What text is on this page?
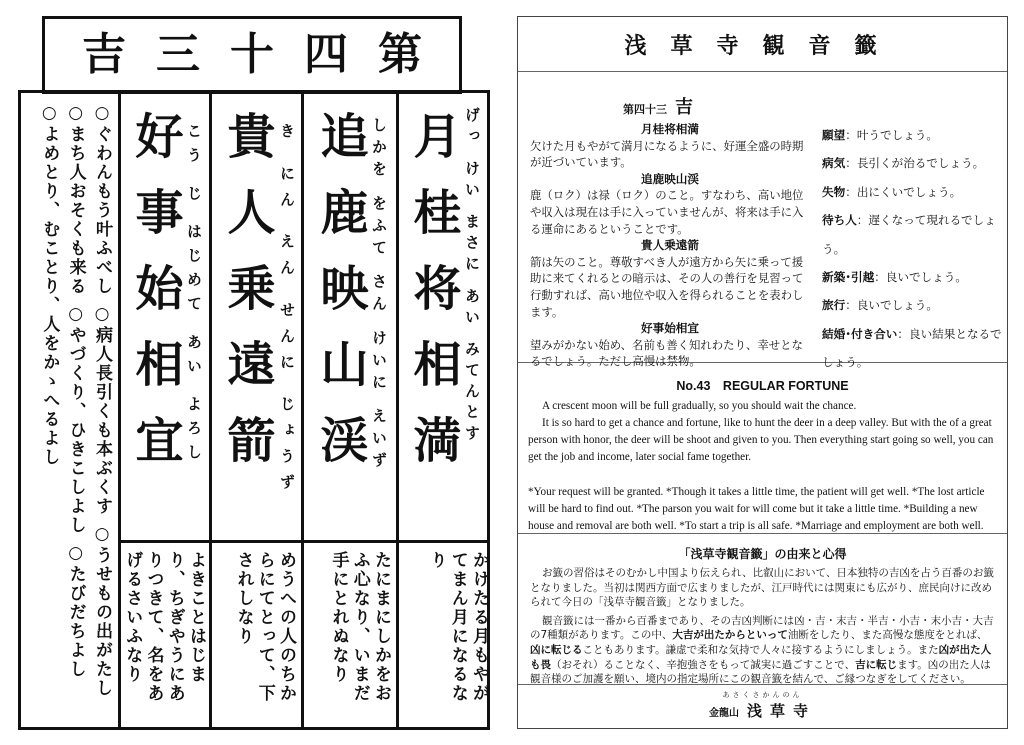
吉 三 十 四 第
月桂将相満 げっ けい まさに あい みてんとす
追鹿映山渓 しかを をふて さん けいに えいず
貴人乗遠箭 き にん えん せんに じょうず
好事始相宜 こう じ はじめて あい よろし
かけたる月もやがてまん月になるなり
たにまにしかをおふ心なり、いまだ手にとれぬなり
めうへの人のちからにてとって、下されしなり
よきことはじまり、ちぎやうにありつきて、名をあげるさいふなり
○ぐわんもう叶ふべし ○病人長引くも本ぶくす ○うせもの出がたし
○まち人おそくも来る ○やづくり、ひきこしよし ○たびだちよし
○よめとり、むことり、人をかゝへるよし
浅草寺観音籤
第四十三 吉
月桂将相満
欠けた月もやがて満月になるように、好運全盛の時期が近づいています。
追鹿映山渓
鹿（ロク）は禄（ロク）のこと。すなわち、高い地位や収入は現在は手に入っていませんが、将来は手に入る運命にあるということです。
貴人乗遠箭
箭は矢のこと。尊敬すべき人が遠方から矢に乗って援助に来てくれるとの暗示は、その人の善行を見習って行動すれば、高い地位や収入を得られることを表わします。
好事始相宜
望みがかない始め、名前も善く知れわたり、幸せとなるでしょう。ただし高慢は禁物。
願望：叶うでしょう。
病気：長引くが治るでしょう。
失物：出にくいでしょう。
待ち人：遅くなって現れるでしょう。
新築･引越：良いでしょう。
旅行：良いでしょう。
結婚･付き合い：良い結果となるでしょう。
No.43　REGULAR FORTUNE

A crescent moon will be full gradually, so you should wait the chance.

It is so hard to get a chance and fortune, like to hunt the deer in a deep valley. But with the of a great person with honor, the deer will be shoot and given to you. Then everything start going so well, you can get the job and income, later social fame together.

*Your request will be granted. *Though it takes a little time, the patient will get well. *The lost article will be hard to find out. *The parson you wait for will come but it take a little time. *Building a new house and removal are both well. *To start a trip is all safe. *Marriage and employment are both well.
「浅草寺観音籤」の由来と心得
お籤の習俗はそのむかし中国より伝えられ、比叡山において、日本独特の吉凶を占う百番のお籤となりました。当初は関西方面で広まりましたが、江戸時代には関東にも広がり、庶民向けに改められて今日の「浅草寺観音籤」となりました。
観音籤には一番から百番まであり、その吉凶判断には凶・吉・末吉・半吉・小吉・末小吉・大吉の7種類があります。この中、大吉が出たからといって油断をしたり、また高慢な態度をとれば、凶に転じることもあります。謙虚で柔和な気持で人々に接するようにしましょう。また凶が出た人も畏（おそれ）ることなく、辛抱強さをもって誠実に過ごすことで、吉に転じます。凶の出た人は観音様のご加護を願い、境内の指定場所にこの観音籤を結んで、ご縁つなぎをしてください。
あさくさかんのん
金龍山 浅草寺
